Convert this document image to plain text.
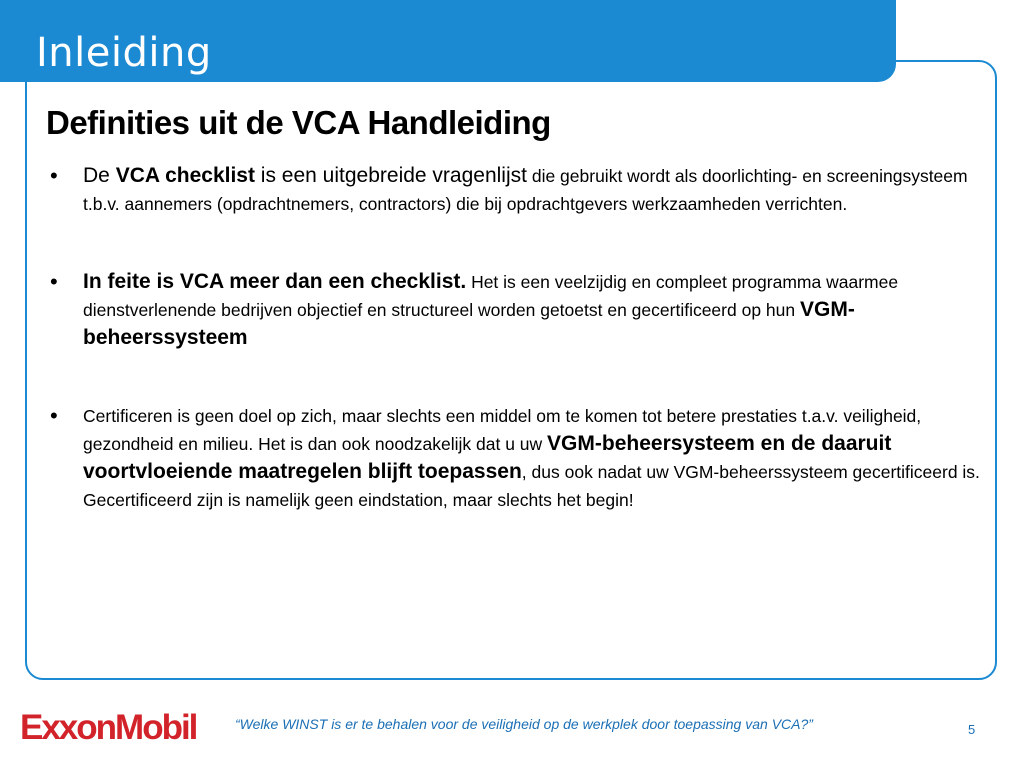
Inleiding
Definities uit de VCA Handleiding
• De VCA checklist is een uitgebreide vragenlijst die gebruikt wordt als doorlichting- en screeningsysteem t.b.v. aannemers (opdrachtnemers, contractors) die bij opdrachtgevers werkzaamheden verrichten.
• In feite is VCA meer dan een checklist. Het is een veelzijdig en compleet programma waarmee dienstverlenende bedrijven objectief en structureel worden getoetst en gecertificeerd op hun VGM-beheerssysteem
• Certificeren is geen doel op zich, maar slechts een middel om te komen tot betere prestaties t.a.v. veiligheid, gezondheid en milieu. Het is dan ook noodzakelijk dat u uw VGM-beheersysteem en de daaruit voortvloeiende maatregelen blijft toepassen, dus ook nadat uw VGM-beheerssysteem gecertificeerd is. Gecertificeerd zijn is namelijk geen eindstation, maar slechts het begin!
ExxonMobil	“Welke WINST is er te behalen voor de veiligheid op de werkplek door toepassing van VCA?”	5
